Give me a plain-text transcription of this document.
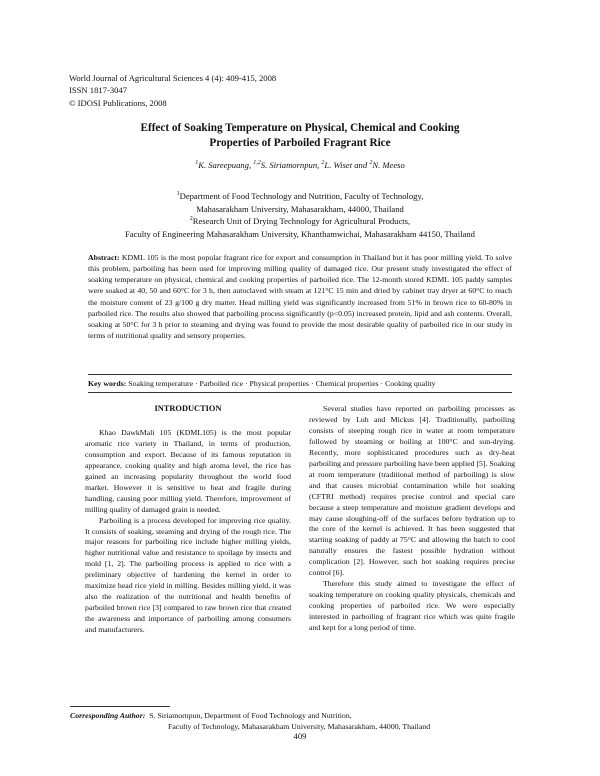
World Journal of Agricultural Sciences 4 (4): 409-415, 2008
ISSN 1817-3047
© IDOSI Publications, 2008
Effect of Soaking Temperature on Physical, Chemical and Cooking
Properties of Parboiled Fragrant Rice
$^1$K. Sareepuang, $^{1,2}$S. Siriamornpun, $^2$L. Wiset and $^2$N. Meeso
$^1$Department of Food Technology and Nutrition, Faculty of Technology,
Mahasarakham University, Mahasarakham, 44000, Thailand
$^2$Research Unit of Drying Technology for Agricultural Products,
Faculty of Engineering Mahasarakham University, Khanthamwichai, Mahasarakham 44150, Thailand
Abstract: KDML 105 is the most popular fragrant rice for export and consumption in Thailand but it has poor milling yield. To solve this problem, parboiling has been used for improving milling quality of damaged rice. Our present study investigated the effect of soaking temperature on physical, chemical and cooking properties of parboiled rice. The 12-month stored KDML 105 paddy samples were soaked at 40, 50 and 60°C for 3 h, then autoclaved with steam at 121°C 15 min and dried by cabinet tray dryer at 60°C to reach the moisture content of 23 g/100 g dry matter. Head milling yield was significantly increased from 51% in brown rice to 60-80% in parboiled rice. The results also showed that parboiling process significantly (p<0.05) increased protein, lipid and ash contents. Overall, soaking at 50°C for 3 h prior to steaming and drying was found to provide the most desirable quality of parboiled rice in our study in terms of nutritional quality and sensory properties.
Key words: Soaking temperature · Parboiled rice · Physical properties · Chemical properties · Cooking quality

INTRODUCTION

Khao DawkMali 105 (KDML105) is the most popular aromatic rice variety in Thailand, in terms of production, consumption and export. Because of its famous reputation in appearance, cooking quality and high aroma level, the rice has gained an increasing popularity throughout the world food market. However it is sensitive to heat and fragile during handling, causing poor milling yield. Therefore, improvement of milling quality of damaged grain is needed.

Parboiling is a process developed for improving rice quality. It consists of soaking, steaming and drying of the rough rice. The major reasons for parboiling rice include higher milling yields, higher nutritional value and resistance to spoilage by insects and mold [1, 2]. The parboiling process is applied to rice with a preliminary objective of hardening the kernel in order to maximize head rice yield in milling. Besides milling yield, it was also the realization of the nutritional and health benefits of parboiled brown rice [3] compared to raw brown rice that created the awareness and importance of parboiling among consumers and manufacturers.

Several studies have reported on parboiling processes as reviewed by Luh and Mickus [4]. Traditionally, parboiling consists of steeping rough rice in water at room temperature followed by steaming or boiling at 100°C and sun-drying. Recently, more sophisticated procedures such as dry-heat parboiling and pressure parboiling have been applied [5]. Soaking at room temperature (traditional method of parboiling) is slow and that causes microbial contamination while hot soaking (CFTRI method) requires precise control and special care because a steep temperature and moisture gradient develops and may cause sloughing-off of the surfaces before hydration up to the core of the kernel is achieved. It has been suggested that starting soaking of paddy at 75°C and allowing the batch to cool naturally ensures the fastest possible hydration without complication [2]. However, such hot soaking requires precise control [6].

Therefore this study aimed to investigate the effect of soaking temperature on cooking quality physicals, chemicals and cooking properties of parboiled rice. We were especially interested in parboiling of fragrant rice which was quite fragile and kept for a long period of time.

Corresponding Author: S. Siriamornpun, Department of Food Technology and Nutrition,
Faculty of Technology, Mahasarakham University, Mahasarakham, 44000, Thailand
409
